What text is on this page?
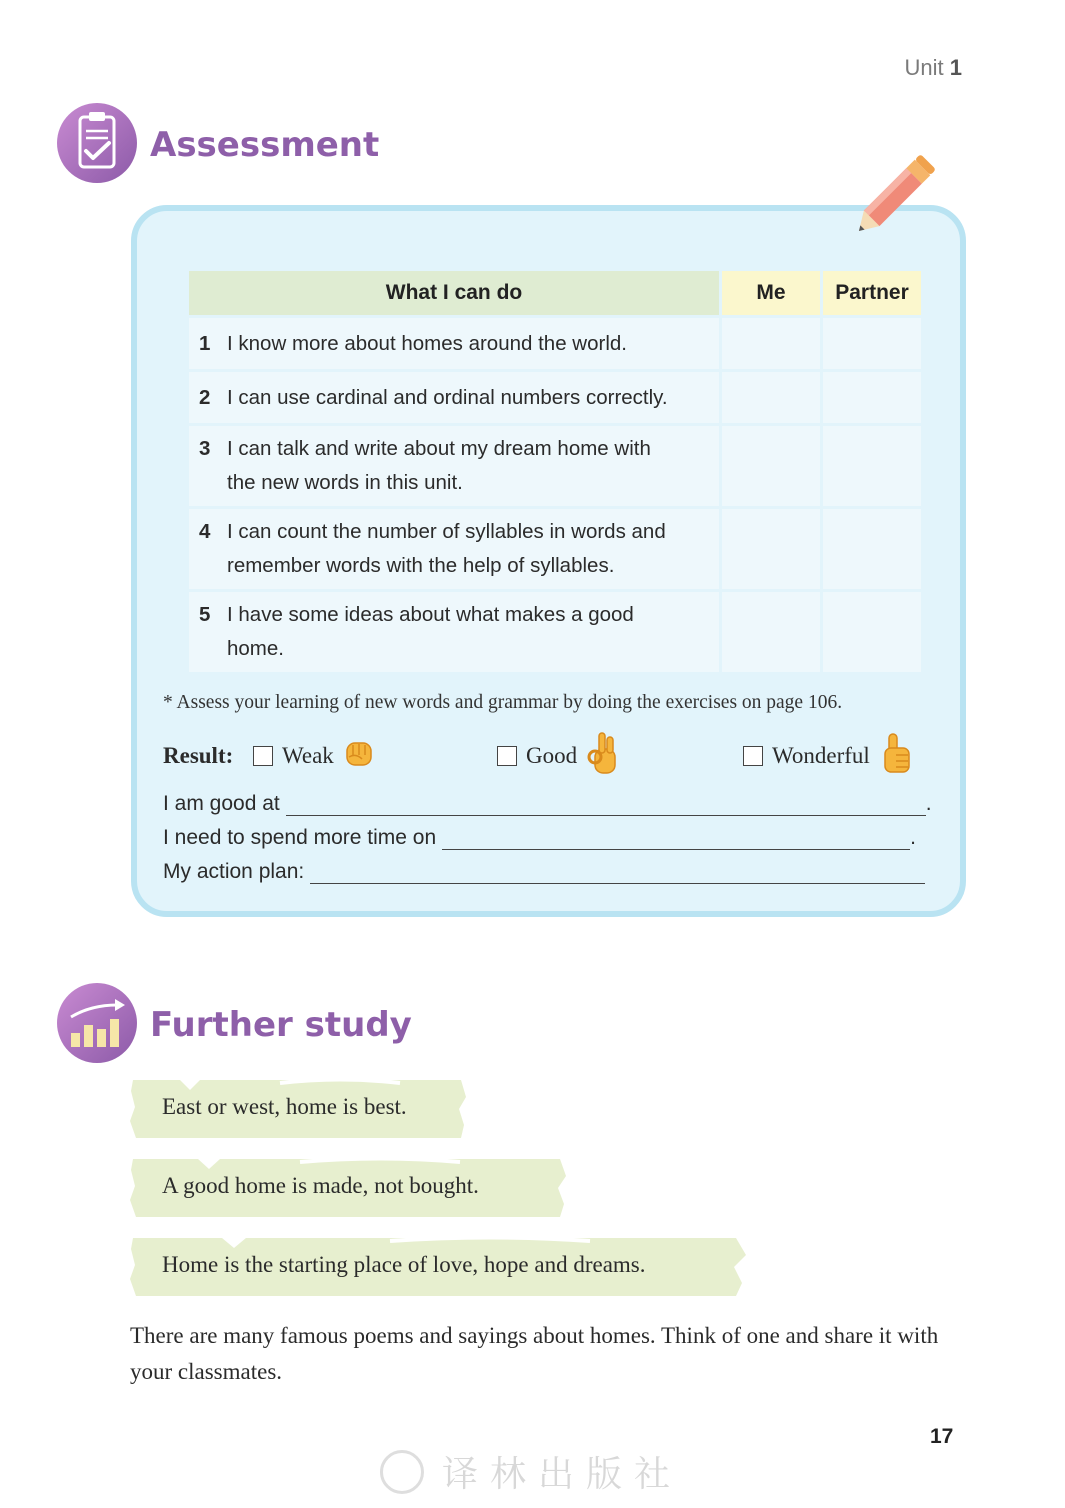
Unit 1
Assessment
What I can do	Me	Partner
1 I know more about homes around the world.		
2 I can use cardinal and ordinal numbers correctly.		

3 I can talk and write about my dream home with
the new words in this unit.		

4 I can count the number of syllables in words and
remember words with the help of syllables.		

5 I have some ideas about what makes a good
home.		

* Assess your learning of new words and grammar by doing the exercises on page 106.
Result: Weak	Good	Wonderful
I am good at	.
I need to spend more time on	.
My action plan:
Further study
East or west, home is best.
A good home is made, not bought.
Home is the starting place of love, hope and dreams.
There are many famous poems and sayings about homes. Think of one and share it with your classmates.
17
译林出版社
